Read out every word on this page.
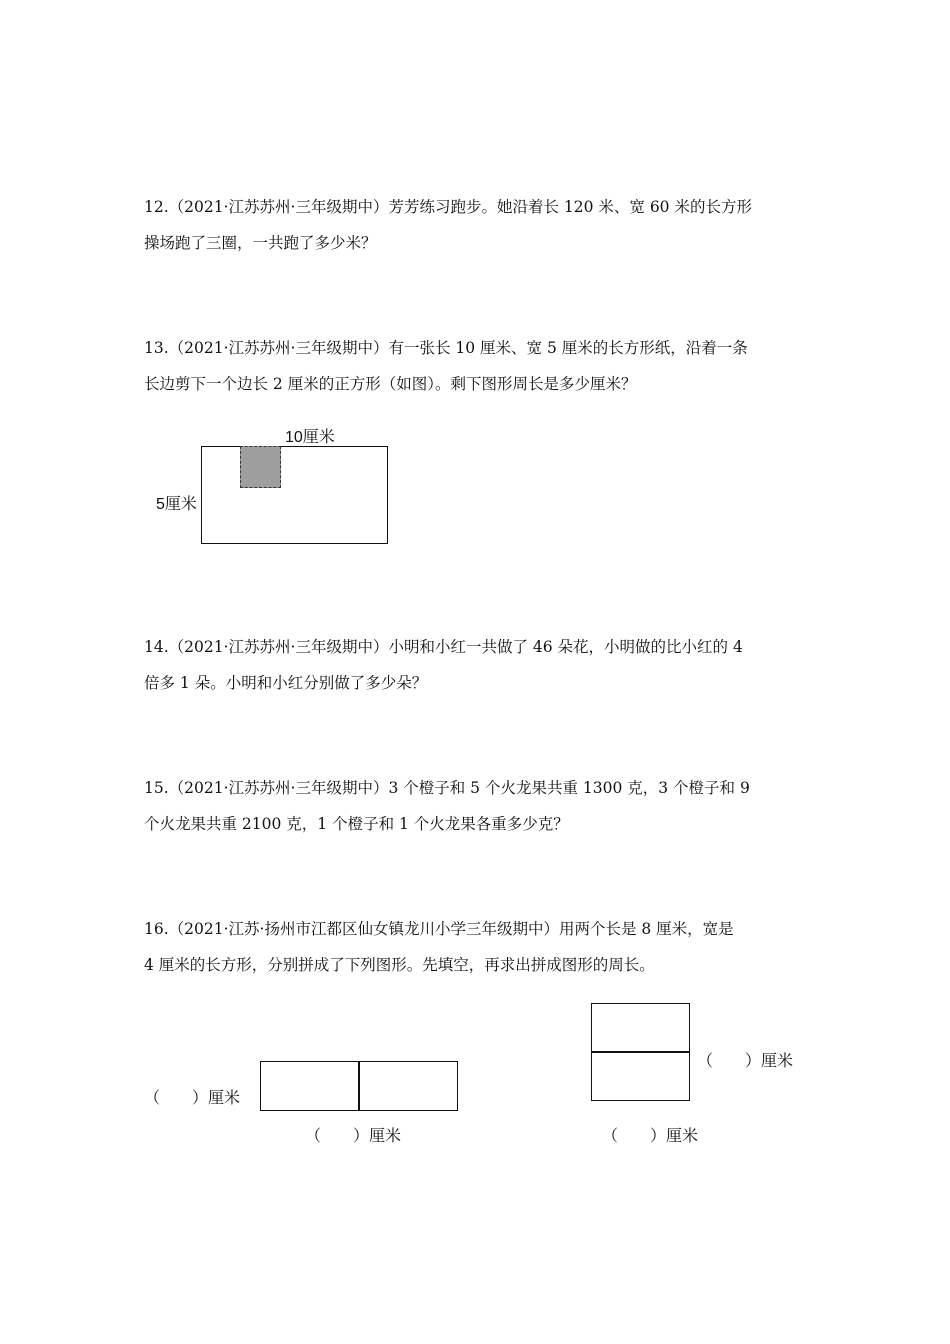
12.（2021·江苏苏州·三年级期中）芳芳练习跑步。她沿着长 120 米、宽 60 米的长方形
操场跑了三圈，一共跑了多少米？
13.（2021·江苏苏州·三年级期中）有一张长 10 厘米、宽 5 厘米的长方形纸，沿着一条
长边剪下一个边长 2 厘米的正方形（如图）。剩下图形周长是多少厘米？
10厘米
5厘米
14.（2021·江苏苏州·三年级期中）小明和小红一共做了 46 朵花，小明做的比小红的 4
倍多 1 朵。小明和小红分别做了多少朵？
15.（2021·江苏苏州·三年级期中）3 个橙子和 5 个火龙果共重 1300 克，3 个橙子和 9
个火龙果共重 2100 克，1 个橙子和 1 个火龙果各重多少克？
16.（2021·江苏·扬州市江都区仙女镇龙川小学三年级期中）用两个长是 8 厘米，宽是
4 厘米的长方形，分别拼成了下列图形。先填空，再求出拼成图形的周长。
（　　）厘米
（　　）厘米
（　　）厘米
（　　）厘米
